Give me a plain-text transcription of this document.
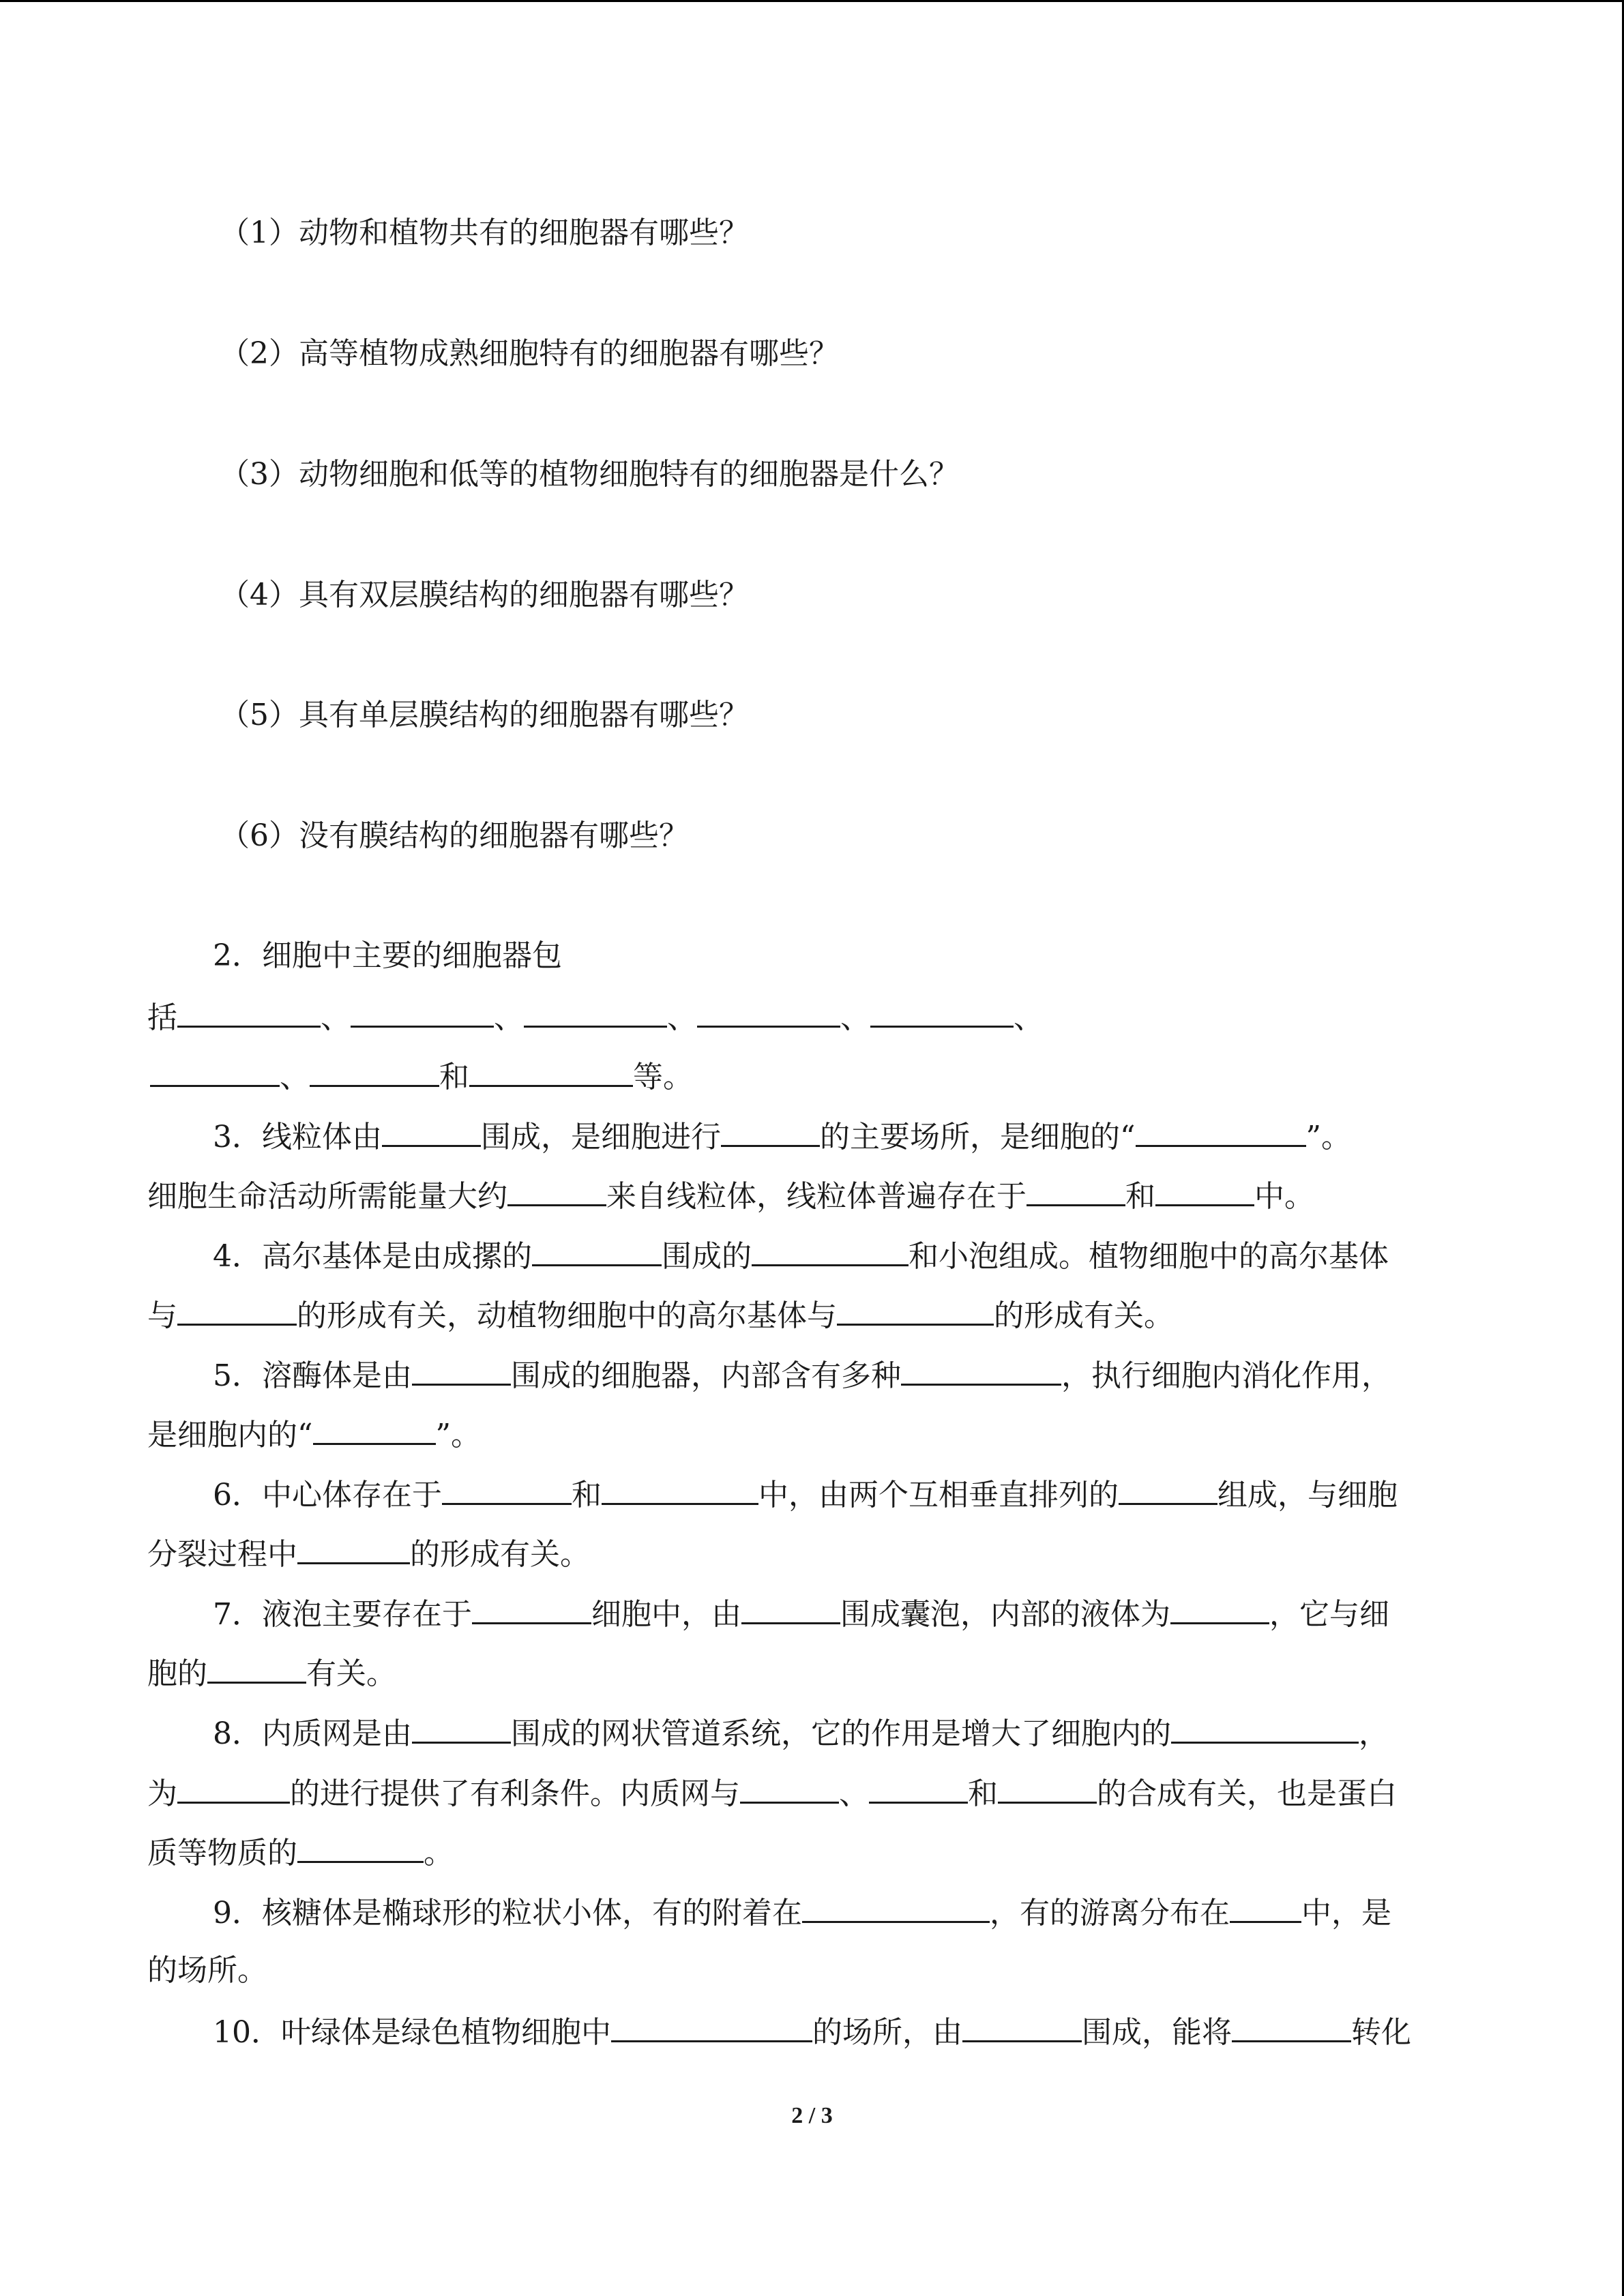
（1）动物和植物共有的细胞器有哪些？
（2）高等植物成熟细胞特有的细胞器有哪些？
（3）动物细胞和低等的植物细胞特有的细胞器是什么？
（4）具有双层膜结构的细胞器有哪些？
（5）具有单层膜结构的细胞器有哪些？
（6）没有膜结构的细胞器有哪些？
2．细胞中主要的细胞器包
括	、	、	、	、	、
、	和	等。
3．线粒体由	围成，是细胞进行	的主要场所，是细胞的“	”。
细胞生命活动所需能量大约	来自线粒体，线粒体普遍存在于	和	中。
4．高尔基体是由成摞的	围成的	和小泡组成。植物细胞中的高尔基体
与	的形成有关，动植物细胞中的高尔基体与	的形成有关。
5．溶酶体是由	围成的细胞器，内部含有多种	，执行细胞内消化作用，
是细胞内的“	”。
6．中心体存在于	和	中，由两个互相垂直排列的	组成，与细胞
分裂过程中	的形成有关。
7．液泡主要存在于	细胞中，由	围成囊泡，内部的液体为	，它与细
胞的	有关。
8．内质网是由	围成的网状管道系统，它的作用是增大了细胞内的	，
为	的进行提供了有利条件。内质网与	、	和	的合成有关，也是蛋白
质等物质的	。
9．核糖体是椭球形的粒状小体，有的附着在	，有的游离分布在 中，是
的场所。
10．叶绿体是绿色植物细胞中	的场所，由	围成，能将	转化
2 / 3
